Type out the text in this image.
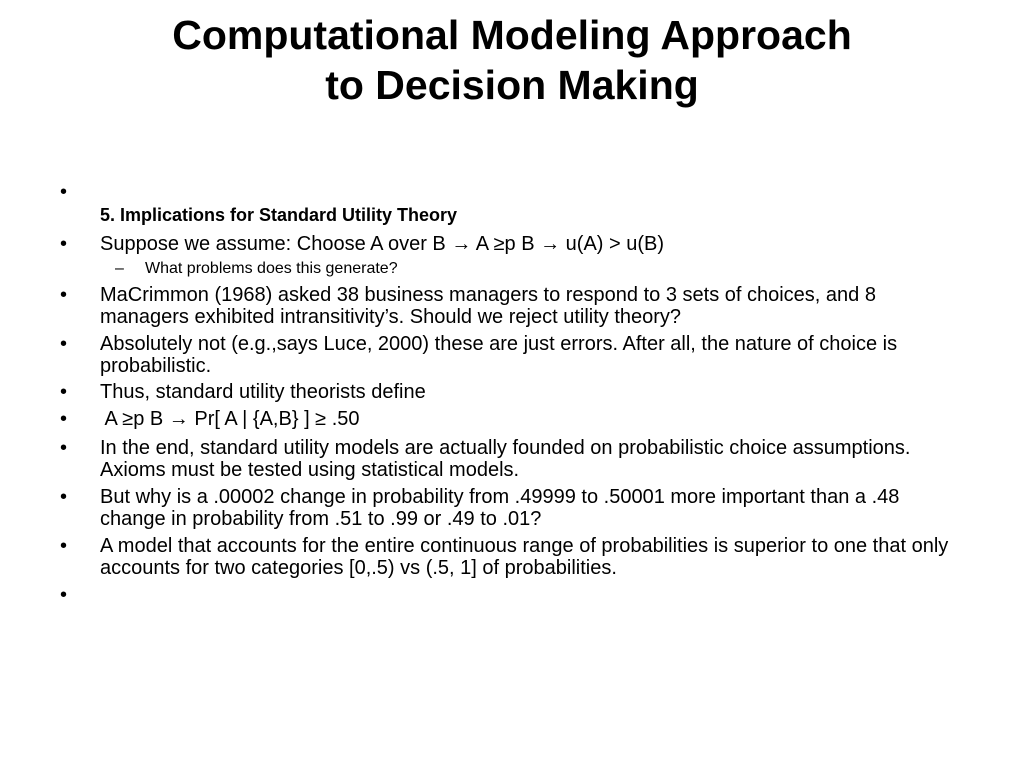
Computational Modeling Approach
to Decision Making
•
5. Implications for Standard Utility Theory
•	Suppose we assume: Choose A over B → A ≥p B → u(A) > u(B)
–	What problems does this generate?
•	MaCrimmon (1968) asked 38 business managers to respond to 3 sets of choices, and 8 managers exhibited intransitivity’s. Should we reject utility theory?
•	Absolutely not (e.g.,says Luce, 2000) these are just errors. After all, the nature of choice is probabilistic.
•	Thus, standard utility theorists define
•	A ≥p B → Pr[ A | {A,B} ] ≥ .50
•	In the end, standard utility models are actually founded on probabilistic choice assumptions. Axioms must be tested using statistical models.
•	But why is a .00002 change in probability from .49999 to .50001 more important than a .48 change in probability from .51 to .99 or .49 to .01?
•	A model that accounts for the entire continuous range of probabilities is superior to one that only accounts for two categories [0,.5) vs (.5, 1] of probabilities.
•
